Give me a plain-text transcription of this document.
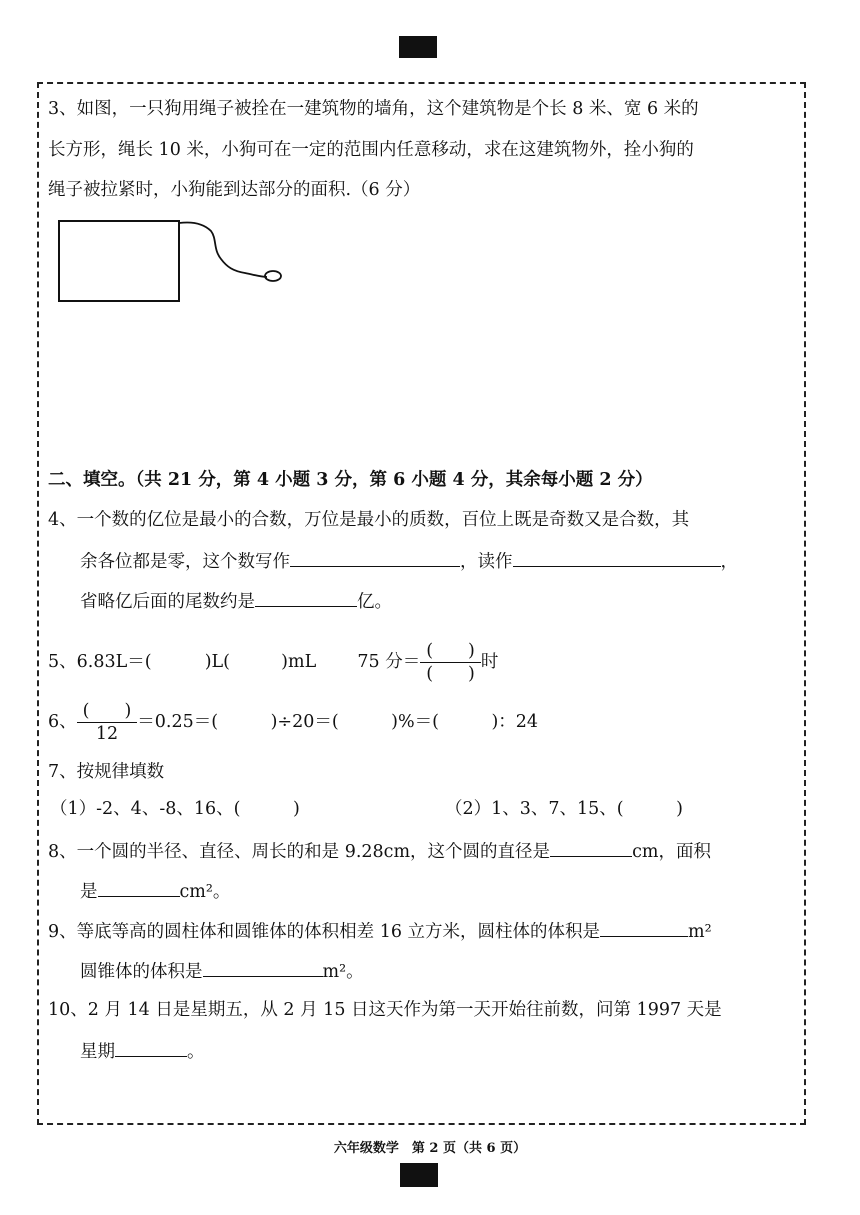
3、如图，一只狗用绳子被拴在一建筑物的墙角，这个建筑物是个长 8 米、宽 6 米的
长方形，绳长 10 米，小狗可在一定的范围内任意移动，求在这建筑物外，拴小狗的
绳子被拉紧时，小狗能到达部分的面积.（6 分）
二、填空。（共 21 分，第 4 小题 3 分，第 6 小题 4 分，其余每小题 2 分）
4、一个数的亿位是最小的合数，万位是最小的质数，百位上既是奇数又是合数，其
余各位都是零，这个数写作	，读作	，
省略亿后面的尾数约是	亿。
5、6.83L＝(	)L(	)mL 75 分＝ $\frac{( )}{( )}$ 时
6、 $\frac{( )}{12} =0.25=$(　　　)÷20＝(　　　)%＝(　　　)：24
7、按规律填数
（1）-2、4、-8、16、(　　　)	（2）1、3、7、15、(　　　)
8、一个圆的半径、直径、周长的和是 9.28cm，这个圆的直径是	cm，面积
是	cm²。
9、等底等高的圆柱体和圆锥体的体积相差 16 立方米，圆柱体的体积是	m²
圆锥体的体积是	m²。
10、2 月 14 日是星期五，从 2 月 15 日这天作为第一天开始往前数，问第 1997 天是
星期	。
六年级数学　第 2 页（共 6 页）
